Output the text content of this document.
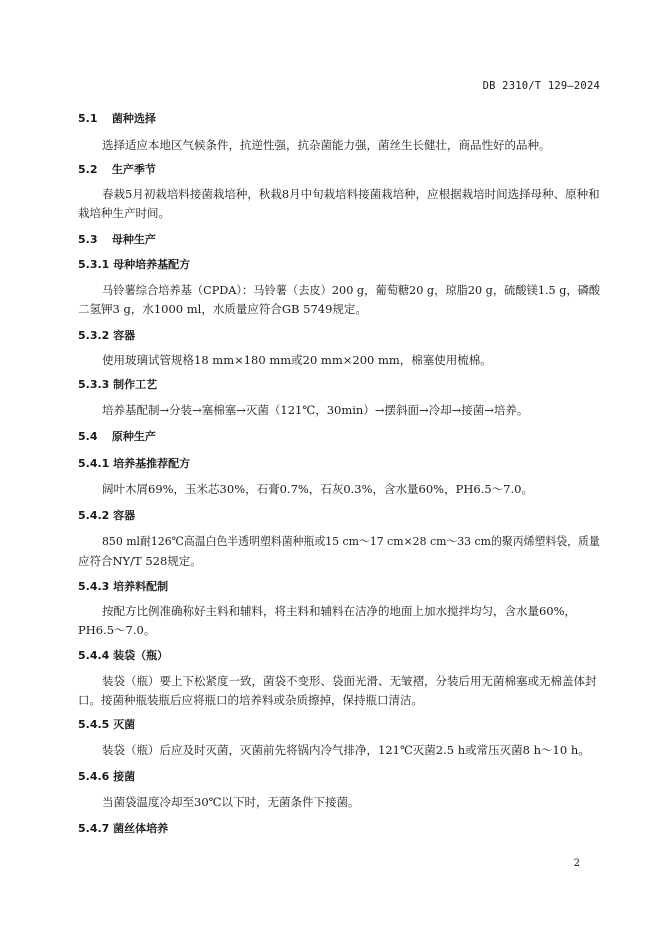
DB 2310/T 129—2024
5.1 菌种选择
选择适应本地区气候条件，抗逆性强，抗杂菌能力强，菌丝生长健壮，商品性好的品种。
5.2 生产季节
春栽5月初栽培料接菌栽培种，秋栽8月中旬栽培料接菌栽培种，应根据栽培时间选择母种、原种和
栽培种生产时间。
5.3 母种生产
5.3.1 母种培养基配方
马铃薯综合培养基（CPDA）：马铃薯（去皮）200 g，葡萄糖20 g，琼脂20 g，硫酸镁1.5 g，磷酸
二氢钾3 g，水1000 ml，水质量应符合GB 5749规定。
5.3.2 容器
使用玻璃试管规格18 mm×180 mm或20 mm×200 mm，棉塞使用梳棉。
5.3.3 制作工艺
培养基配制→分装→塞棉塞→灭菌（121℃，30min）→摆斜面→冷却→接菌→培养。
5.4 原种生产
5.4.1 培养基推荐配方
阔叶木屑69%，玉米芯30%，石膏0.7%，石灰0.3%，含水量60%，PH6.5～7.0。
5.4.2 容器
850 ml耐126℃高温白色半透明塑料菌种瓶或15 cm～17 cm×28 cm～33 cm的聚丙烯塑料袋，质量
应符合NY/T 528规定。
5.4.3 培养料配制
按配方比例准确称好主料和辅料，将主料和辅料在洁净的地面上加水搅拌均匀，含水量60%，
PH6.5～7.0。
5.4.4 装袋（瓶）
装袋（瓶）要上下松紧度一致，菌袋不变形、袋面光滑、无皱褶，分装后用无菌棉塞或无棉盖体封
口。接菌种瓶装瓶后应将瓶口的培养料或杂质擦掉，保持瓶口清洁。
5.4.5 灭菌
装袋（瓶）后应及时灭菌，灭菌前先将锅内冷气排净，121℃灭菌2.5 h或常压灭菌8 h～10 h。
5.4.6 接菌
当菌袋温度冷却至30℃以下时，无菌条件下接菌。
5.4.7 菌丝体培养
2
